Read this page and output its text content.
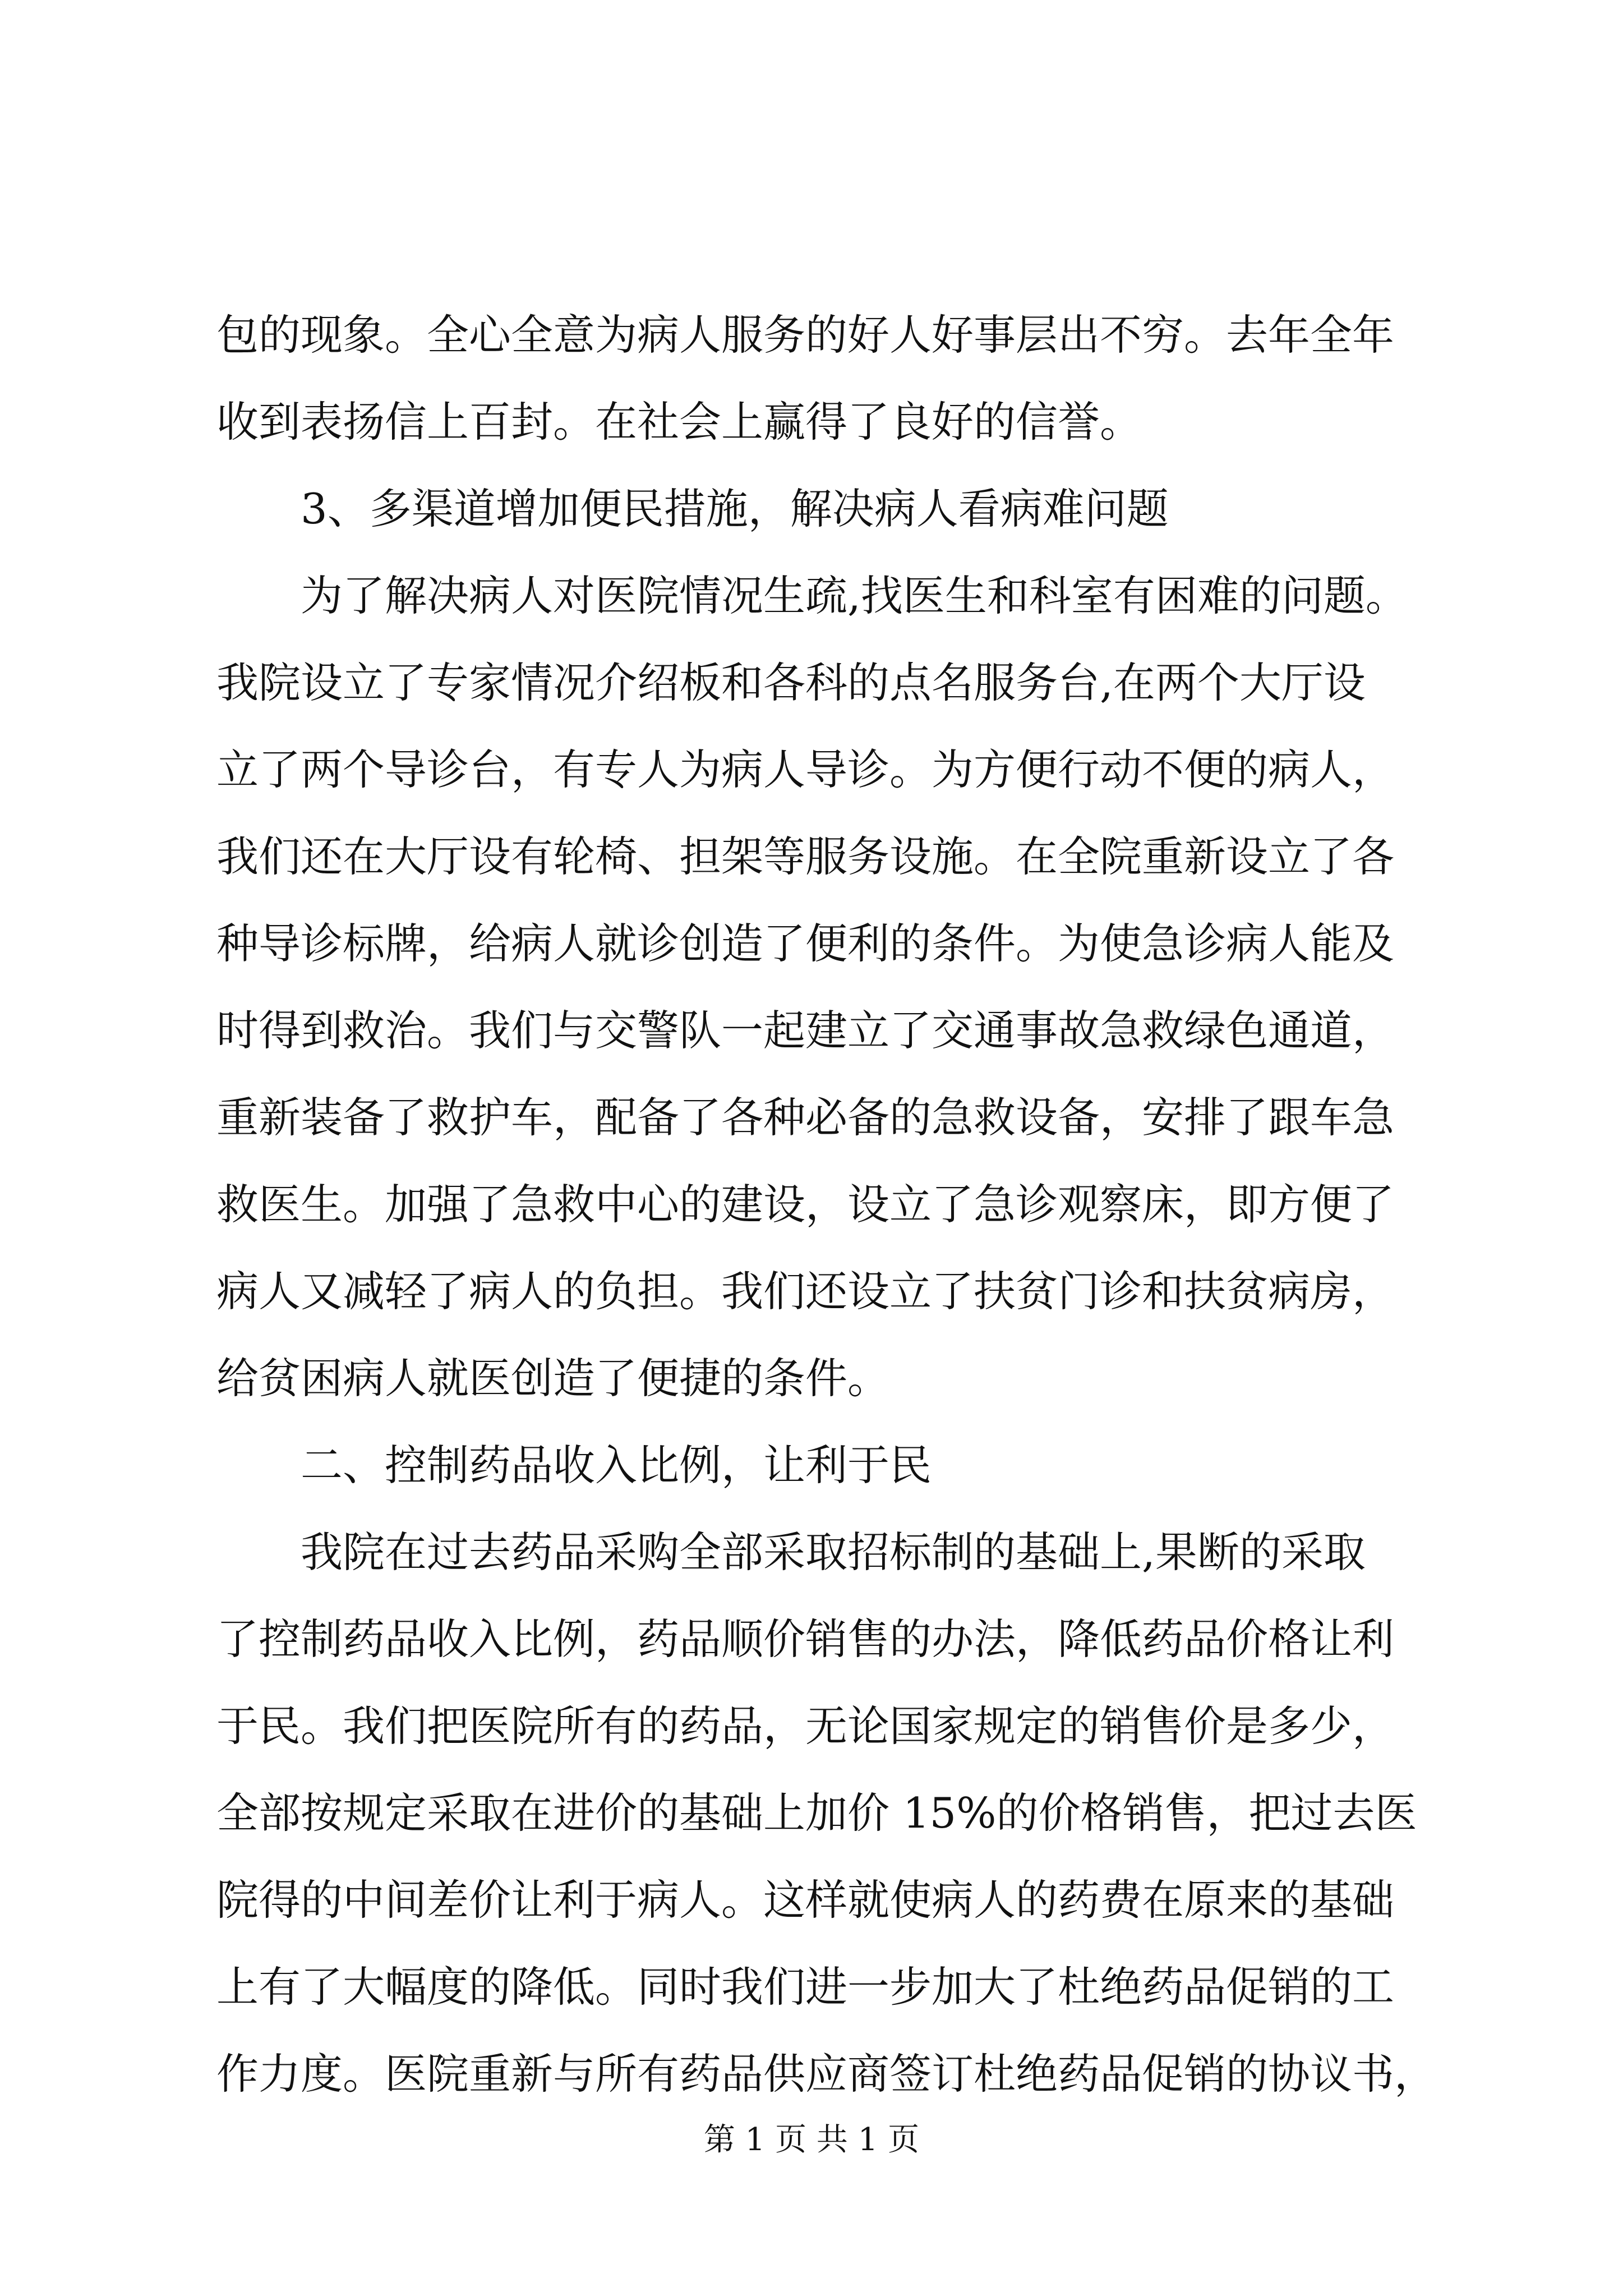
包的现象。全心全意为病人服务的好人好事层出不穷。去年全年
收到表扬信上百封。在社会上赢得了良好的信誉。
3、多渠道增加便民措施，解决病人看病难问题
为了解决病人对医院情况生疏,找医生和科室有困难的问题。
我院设立了专家情况介绍板和各科的点名服务台,在两个大厅设
立了两个导诊台，有专人为病人导诊。为方便行动不便的病人，
我们还在大厅设有轮椅、担架等服务设施。在全院重新设立了各
种导诊标牌，给病人就诊创造了便利的条件。为使急诊病人能及
时得到救治。我们与交警队一起建立了交通事故急救绿色通道，
重新装备了救护车，配备了各种必备的急救设备，安排了跟车急
救医生。加强了急救中心的建设，设立了急诊观察床，即方便了
病人又减轻了病人的负担。我们还设立了扶贫门诊和扶贫病房，
给贫困病人就医创造了便捷的条件。
二、控制药品收入比例，让利于民
我院在过去药品采购全部采取招标制的基础上,果断的采取
了控制药品收入比例，药品顺价销售的办法，降低药品价格让利
于民。我们把医院所有的药品，无论国家规定的销售价是多少，
全部按规定采取在进价的基础上加价 15%的价格销售，把过去医
院得的中间差价让利于病人。这样就使病人的药费在原来的基础
上有了大幅度的降低。同时我们进一步加大了杜绝药品促销的工
作力度。医院重新与所有药品供应商签订杜绝药品促销的协议书，
第 1 页 共 1 页
